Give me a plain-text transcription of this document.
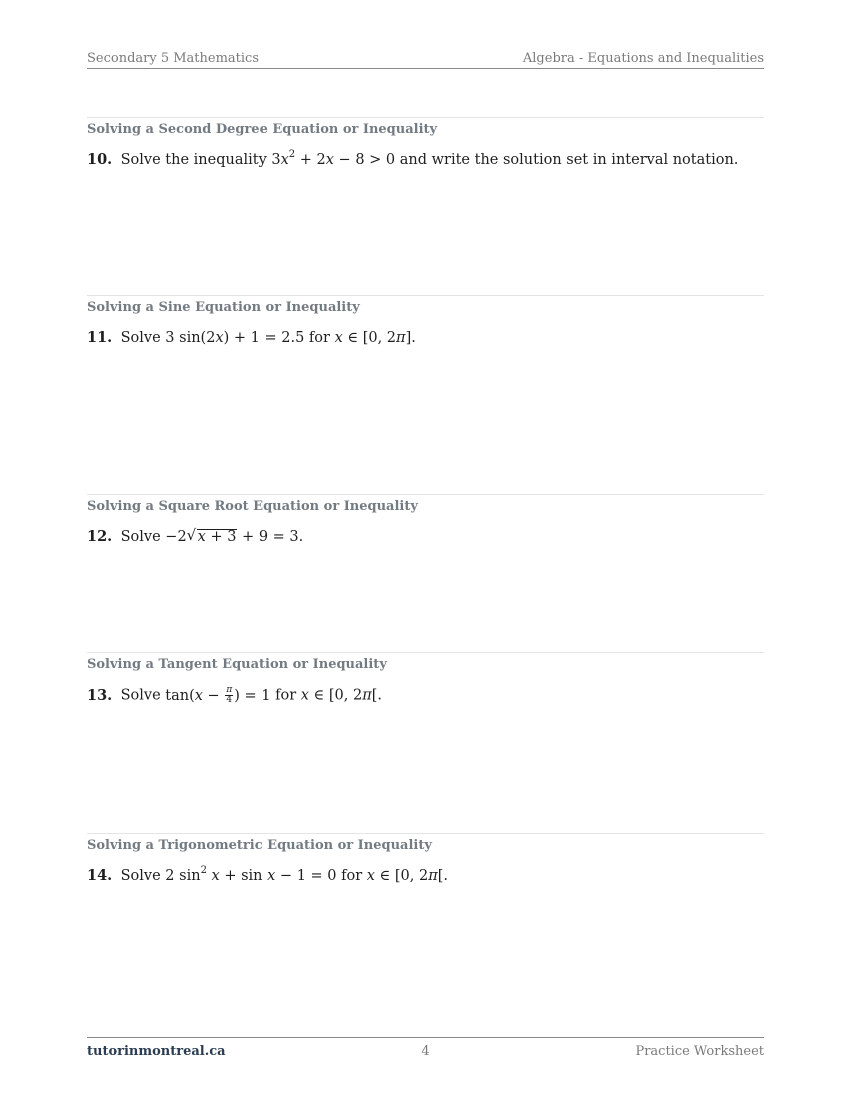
Secondary 5 Mathematics	Algebra - Equations and Inequalities
Solving a Second Degree Equation or Inequality
10. Solve the inequality $3x^2 + 2x - 8 > 0$ and write the solution set in interval notation.
Solving a Sine Equation or Inequality
11. Solve 3 sin(2x) + 1 = 2.5 for x ∈ [0, 2π].
Solving a Square Root Equation or Inequality
12. Solve −2 √ x + 3 + 9 = 3.
Solving a Tangent Equation or Inequality
13. Solve $\tan(x - \frac{\pi}{4}$ ) = 1 for x ∈ [0, 2π[.
Solving a Trigonometric Equation or Inequality
14. Solve 2 $\sin^2 x + \sin x - 1 = 0$ for x ∈ [0, 2π[.
tutorinmontreal.ca	4	Practice Worksheet
